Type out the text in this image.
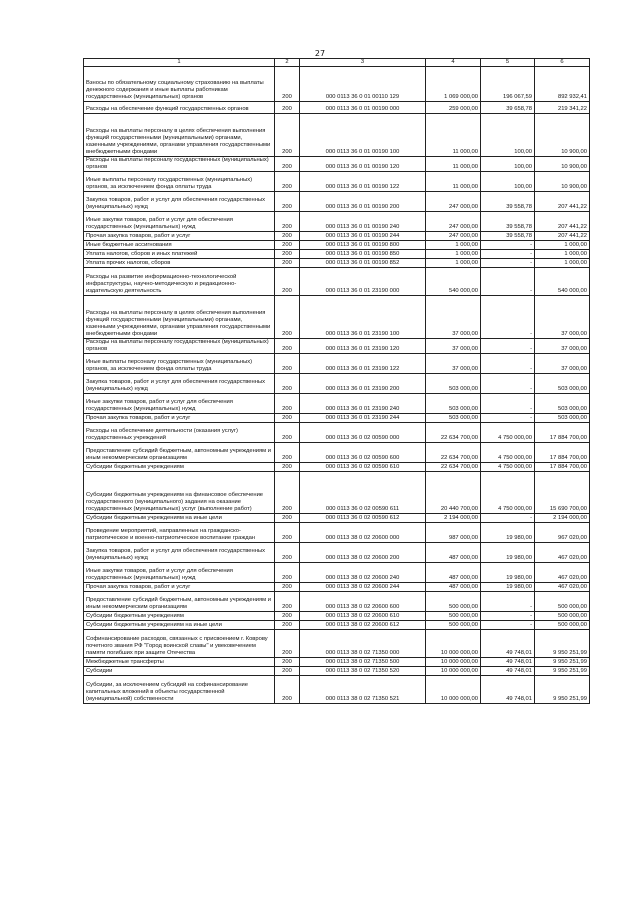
27
1	2	3	4	5	6
Взносы по обязательному социальному страхованию на выплаты денежного содержания и иные выплаты работникам государственных (муниципальных) органов	200	000 0113 36 0 01 00110 129	1 069 000,00	196 067,59	892 932,41
Расходы на обеспечение функций государственных органов	200	000 0113 36 0 01 00190 000	259 000,00	39 658,78	219 341,22
Расходы на выплаты персоналу в целях обеспечения выполнения функций государственными (муниципальными) органами, казенными учреждениями, органами управления государственными внебюджетными фондами	200	000 0113 36 0 01 00190 100	11 000,00	100,00	10 900,00
Расходы на выплаты персоналу государственных (муниципальных) органов	200	000 0113 36 0 01 00190 120	11 000,00	100,00	10 900,00
Иные выплаты персоналу государственных (муниципальных) органов, за исключением фонда оплаты труда	200	000 0113 36 0 01 00190 122	11 000,00	100,00	10 900,00
Закупка товаров, работ и услуг для обеспечения государственных (муниципальных) нужд	200	000 0113 36 0 01 00190 200	247 000,00	39 558,78	207 441,22
Иные закупки товаров, работ и услуг для обеспечения государственных (муниципальных) нужд	200	000 0113 36 0 01 00190 240	247 000,00	39 558,78	207 441,22
Прочая закупка товаров, работ и услуг	200	000 0113 36 0 01 00190 244	247 000,00	39 558,78	207 441,22
Иные бюджетные ассигнования	200	000 0113 36 0 01 00190 800	1 000,00	-	1 000,00
Уплата налогов, сборов и иных платежей	200	000 0113 36 0 01 00190 850	1 000,00	-	1 000,00
Уплата прочих налогов, сборов	200	000 0113 36 0 01 00190 852	1 000,00	-	1 000,00
Расходы на развитие информационно-технологической инфраструктуры, научно-методическую и редакционно-издательскую деятельность	200	000 0113 36 0 01 23190 000	540 000,00	-	540 000,00
Расходы на выплаты персоналу в целях обеспечения выполнения функций государственными (муниципальными) органами, казенными учреждениями, органами управления государственными внебюджетными фондами	200	000 0113 36 0 01 23190 100	37 000,00	-	37 000,00
Расходы на выплаты персоналу государственных (муниципальных) органов	200	000 0113 36 0 01 23190 120	37 000,00	-	37 000,00
Иные выплаты персоналу государственных (муниципальных) органов, за исключением фонда оплаты труда	200	000 0113 36 0 01 23190 122	37 000,00	-	37 000,00
Закупка товаров, работ и услуг для обеспечения государственных (муниципальных) нужд	200	000 0113 36 0 01 23190 200	503 000,00	-	503 000,00
Иные закупки товаров, работ и услуг для обеспечения государственных (муниципальных) нужд	200	000 0113 36 0 01 23190 240	503 000,00	-	503 000,00
Прочая закупка товаров, работ и услуг	200	000 0113 36 0 01 23190 244	503 000,00	-	503 000,00
Расходы на обеспечение деятельности (оказания услуг) государственных учреждений	200	000 0113 36 0 02 00590 000	22 634 700,00	4 750 000,00	17 884 700,00
Предоставление субсидий бюджетным, автономным учреждениям и иным некоммерческим организациям	200	000 0113 36 0 02 00590 600	22 634 700,00	4 750 000,00	17 884 700,00
Субсидии бюджетным учреждениям	200	000 0113 36 0 02 00590 610	22 634 700,00	4 750 000,00	17 884 700,00
Субсидии бюджетным учреждениям на финансовое обеспечение государственного (муниципального) задания на оказание государственных (муниципальных) услуг (выполнение работ)	200	000 0113 36 0 02 00590 611	20 440 700,00	4 750 000,00	15 690 700,00
Субсидии бюджетным учреждениям на иные цели	200	000 0113 36 0 02 00590 612	2 194 000,00	-	2 194 000,00
Проведение мероприятий, направленных на гражданско-патриотическое и военно-патриотическое воспитание граждан	200	000 0113 38 0 02 20600 000	987 000,00	19 980,00	967 020,00
Закупка товаров, работ и услуг для обеспечения государственных (муниципальных) нужд	200	000 0113 38 0 02 20600 200	487 000,00	19 980,00	467 020,00
Иные закупки товаров, работ и услуг для обеспечения государственных (муниципальных) нужд	200	000 0113 38 0 02 20600 240	487 000,00	19 980,00	467 020,00
Прочая закупка товаров, работ и услуг	200	000 0113 38 0 02 20600 244	487 000,00	19 980,00	467 020,00
Предоставление субсидий бюджетным, автономным учреждениям и иным некоммерческим организациям	200	000 0113 38 0 02 20600 600	500 000,00	-	500 000,00
Субсидии бюджетным учреждениям	200	000 0113 38 0 02 20600 610	500 000,00	-	500 000,00
Субсидии бюджетным учреждениям на иные цели	200	000 0113 38 0 02 20600 612	500 000,00	-	500 000,00
Софинансирование расходов, связанных с присвоением г. Коврову почетного звания РФ "Город воинской славы" и увековечением памяти погибших при защите Отечества	200	000 0113 38 0 02 71350 000	10 000 000,00	49 748,01	9 950 251,99
Межбюджетные трансферты	200	000 0113 38 0 02 71350 500	10 000 000,00	49 748,01	9 950 251,99
Субсидии	200	000 0113 38 0 02 71350 520	10 000 000,00	49 748,01	9 950 251,99
Субсидии, за исключением субсидий на софинансирование капитальных вложений в объекты государственной (муниципальной) собственности	200	000 0113 38 0 02 71350 521	10 000 000,00	49 748,01	9 950 251,99
